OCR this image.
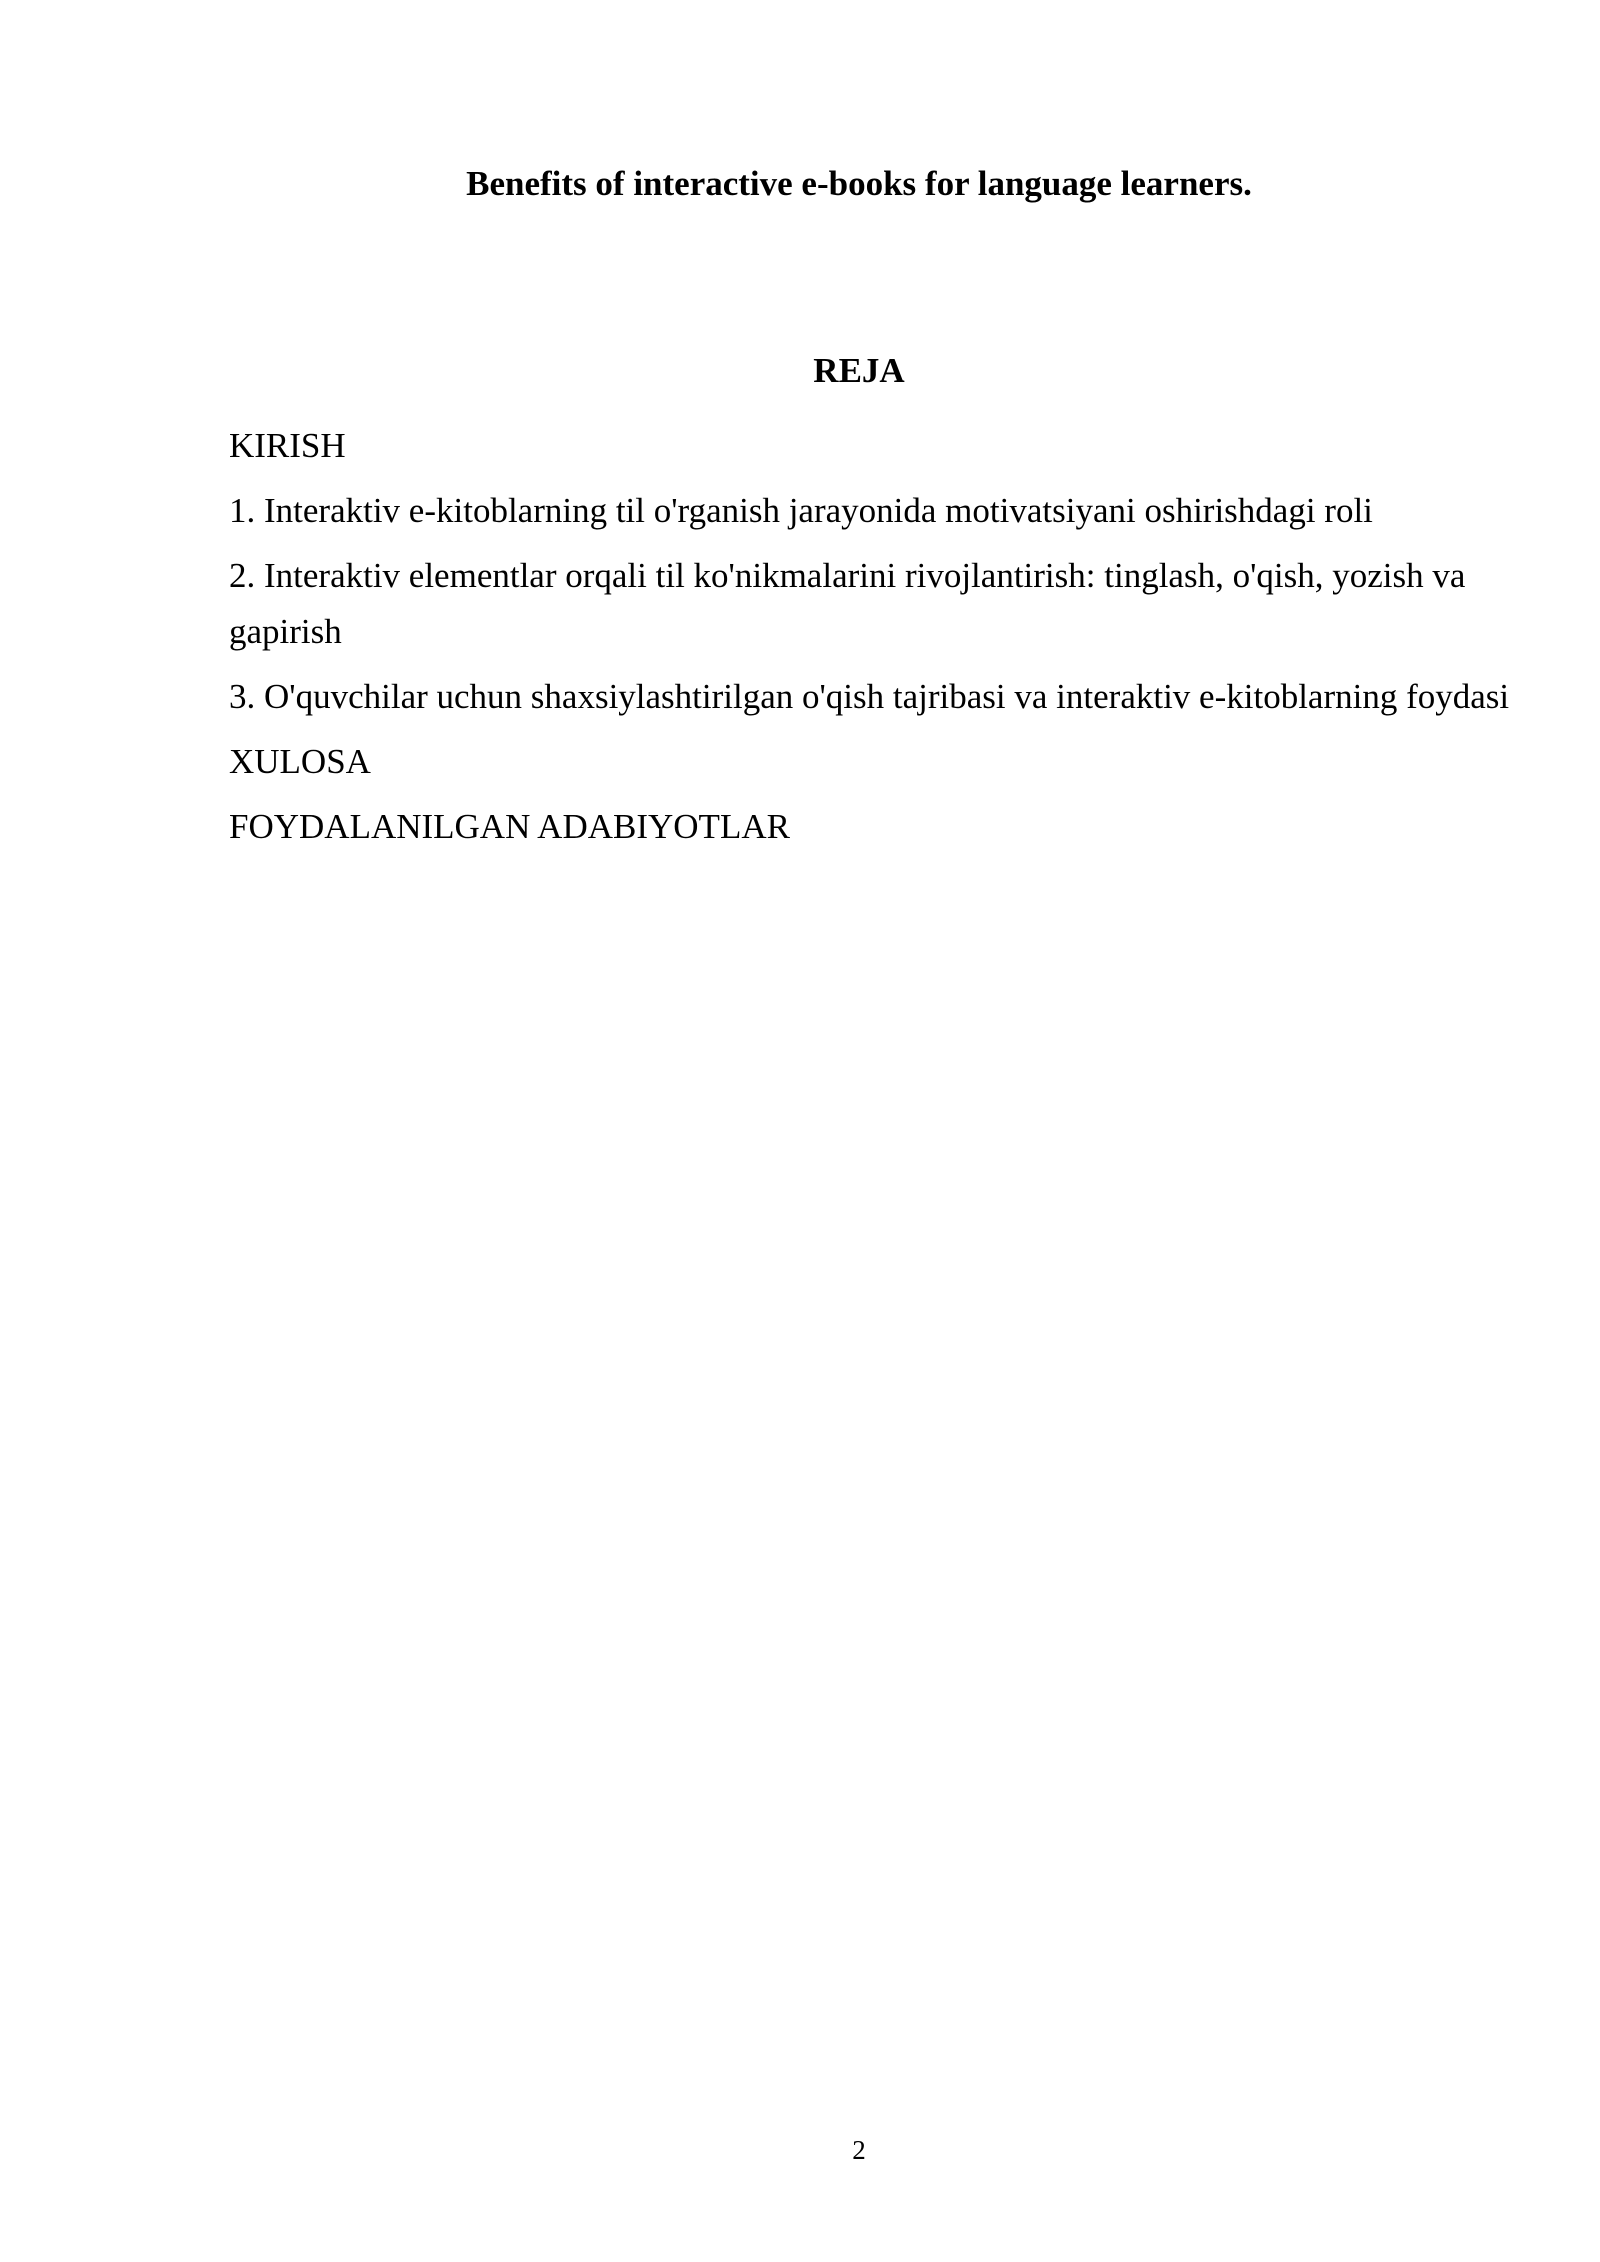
Benefits of interactive e-books for language learners.
REJA
KIRISH
1. Interaktiv e-kitoblarning til o'rganish jarayonida motivatsiyani oshirishdagi roli
2. Interaktiv elementlar orqali til ko'nikmalarini rivojlantirish: tinglash, o'qish, yozish va gapirish
3. O'quvchilar uchun shaxsiylashtirilgan o'qish tajribasi va interaktiv e-kitoblarning foydasi
XULOSA
FOYDALANILGAN ADABIYOTLAR
2
